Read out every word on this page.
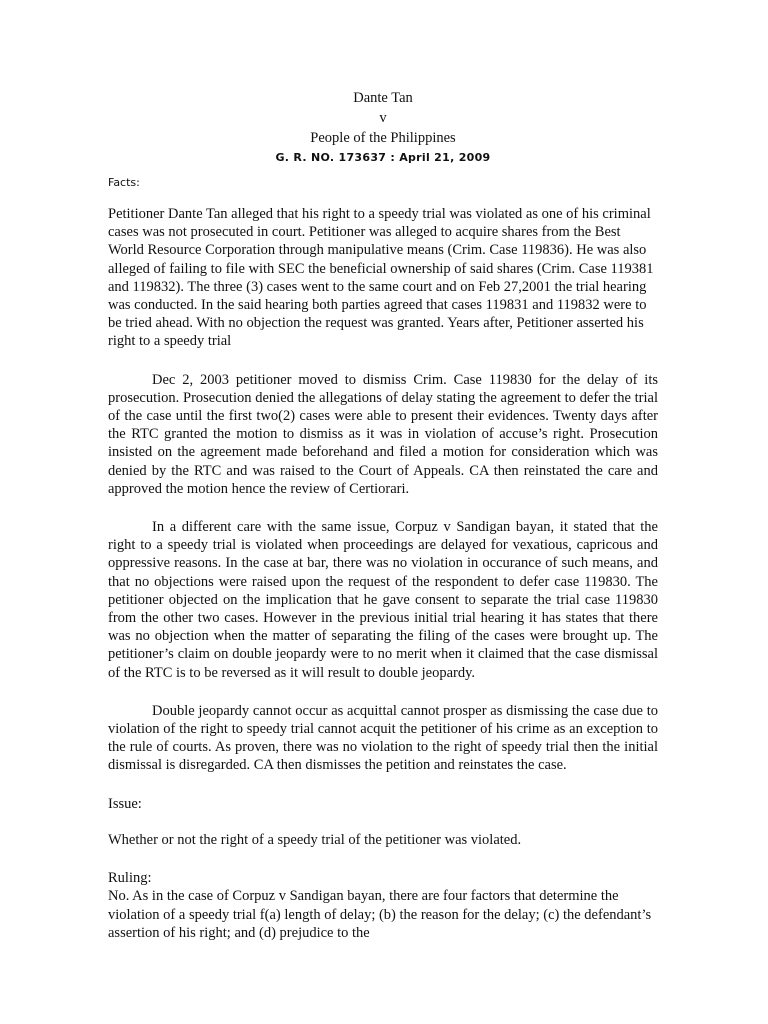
Dante Tan
v
People of the Philippines
G. R. NO. 173637 : April 21, 2009
Facts:

Petitioner Dante Tan alleged that his right to a speedy trial was violated as one of his criminal cases was not prosecuted in court. Petitioner was alleged to acquire shares from the Best World Resource Corporation through manipulative means (Crim. Case 119836). He was also alleged of failing to file with SEC the beneficial ownership of said shares (Crim. Case 119381 and 119832). The three (3) cases went to the same court and on Feb 27,2001 the trial hearing was conducted. In the said hearing both parties agreed that cases 119831 and 119832 were to be tried ahead. With no objection the request was granted. Years after, Petitioner asserted his right to a speedy trial

Dec 2, 2003 petitioner moved to dismiss Crim. Case 119830 for the delay of its prosecution. Prosecution denied the allegations of delay stating the agreement to defer the trial of the case until the first two(2) cases were able to present their evidences. Twenty days after the RTC granted the motion to dismiss as it was in violation of accuse’s right. Prosecution insisted on the agreement made beforehand and filed a motion for consideration which was denied by the RTC and was raised to the Court of Appeals. CA then reinstated the care and approved the motion hence the review of Certiorari.

In a different care with the same issue, Corpuz v Sandigan bayan, it stated that the right to a speedy trial is violated when proceedings are delayed for vexatious, capricous and oppressive reasons. In the case at bar, there was no violation in occurance of such means, and that no objections were raised upon the request of the respondent to defer case 119830. The petitioner objected on the implication that he gave consent to separate the trial case 119830 from the other two cases. However in the previous initial trial hearing it has states that there was no objection when the matter of separating the filing of the cases were brought up. The petitioner’s claim on double jeopardy were to no merit when it claimed that the case dismissal of the RTC is to be reversed as it will result to double jeopardy.

Double jeopardy cannot occur as acquittal cannot prosper as dismissing the case due to violation of the right to speedy trial cannot acquit the petitioner of his crime as an exception to the rule of courts. As proven, there was no violation to the right of speedy trial then the initial dismissal is disregarded. CA then dismisses the petition and reinstates the case.

Issue:

Whether or not the right of a speedy trial of the petitioner was violated.

Ruling:

No. As in the case of Corpuz v Sandigan bayan, there are four factors that determine the violation of a speedy trial f(a) length of delay; (b) the reason for the delay; (c) the defendant’s assertion of his right; and (d) prejudice to the
